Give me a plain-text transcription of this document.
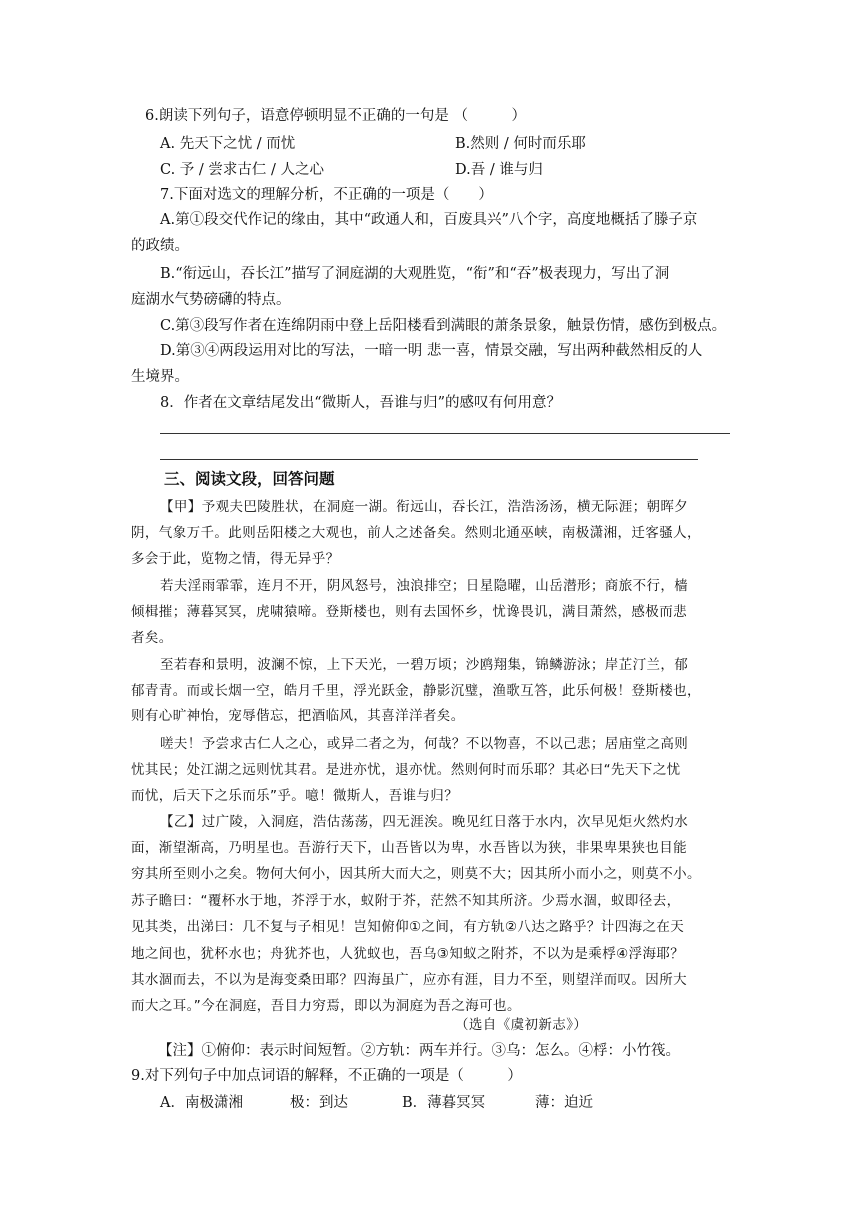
6.朗读下列句子，语意停顿明显不正确的一句是 （　　　）
A. 先天下之忧 / 而忧	B.然则 / 何时而乐耶
C. 予 / 尝求古仁 / 人之心	D.吾 / 谁与归
7.下面对选文的理解分析，不正确的一项是（　　）
A.第①段交代作记的缘由，其中“政通人和，百废具兴”八个字，高度地概括了滕子京
的政绩。
B.“衔远山，吞长江”描写了洞庭湖的大观胜览，“衔”和“吞”极表现力，写出了洞
庭湖水气势磅礴的特点。
C.第③段写作者在连绵阴雨中登上岳阳楼看到满眼的萧条景象，触景伤情，感伤到极点。
D.第③④两段运用对比的写法，一暗一明 悲一喜，情景交融，写出两种截然相反的人
生境界。
8．作者在文章结尾发出“微斯人，吾谁与归”的感叹有何用意？
三、阅读文段，回答问题
【甲】予观夫巴陵胜状，在洞庭一湖。衔远山，吞长江，浩浩汤汤，横无际涯；朝晖夕
阴，气象万千。此则岳阳楼之大观也，前人之述备矣。然则北通巫峡，南极潇湘，迁客骚人，
多会于此，览物之情，得无异乎？
若夫淫雨霏霏，连月不开，阴风怒号，浊浪排空；日星隐曜，山岳潜形；商旅不行，樯
倾楫摧；薄暮冥冥，虎啸猿啼。登斯楼也，则有去国怀乡，忧谗畏讥，满目萧然，感极而悲
者矣。
至若春和景明，波澜不惊，上下天光，一碧万顷；沙鸥翔集，锦鳞游泳；岸芷汀兰，郁
郁青青。而或长烟一空，皓月千里，浮光跃金，静影沉璧，渔歌互答，此乐何极！登斯楼也，
则有心旷神怡，宠辱偕忘，把酒临风，其喜洋洋者矣。
嗟夫！予尝求古仁人之心，或异二者之为，何哉？不以物喜，不以己悲；居庙堂之高则
忧其民；处江湖之远则忧其君。是进亦忧，退亦忧。然则何时而乐耶？其必曰“先天下之忧
而忧，后天下之乐而乐”乎。噫！微斯人，吾谁与归？
【乙】过广陵，入洞庭，浩估荡荡，四无涯涘。晚见红日落于水内，次早见炬火然灼水
面，渐望渐高，乃明星也。吾游行天下，山吾皆以为卑，水吾皆以为狭，非果卑果狭也目能
穷其所至则小之矣。物何大何小，因其所大而大之，则莫不大；因其所小而小之，则莫不小。
苏子瞻曰：“覆杯水于地，芥浮于水，蚁附于芥，茫然不知其所济。少焉水涸，蚁即径去，
见其类，出涕曰：几不复与子相见！岂知俯仰①之间，有方轨②八达之路乎？计四海之在天
地之间也，犹杯水也；舟犹芥也，人犹蚁也，吾乌③知蚁之附芥，不以为是乘桴④浮海耶？
其水涸而去，不以为是海变桑田耶？四海虽广，应亦有涯，目力不至，则望洋而叹。因所大
而大之耳。”今在洞庭，吾目力穷焉，即以为洞庭为吾之海可也。
（选自《虞初新志》）
【注】①俯仰：表示时间短暂。②方轨：两车并行。③乌：怎么。④桴：小竹筏。
9.对下列句子中加点词语的解释，不正确的一项是（　　　）
A．南极潇湘	极：到达	B．薄暮冥冥	薄：迫近
